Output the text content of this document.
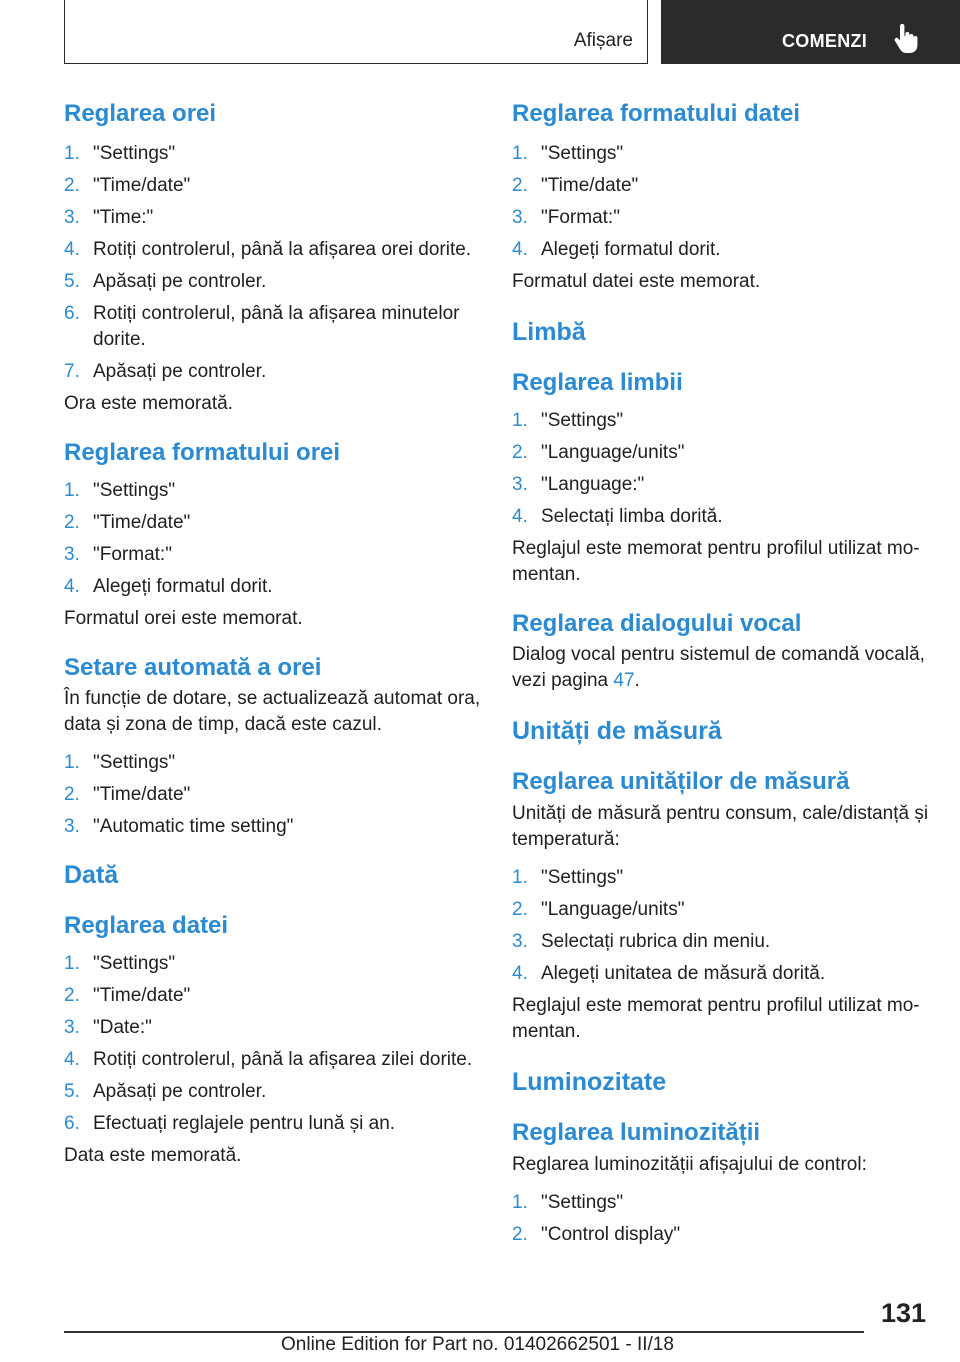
Afișare	COMENZI
Reglarea orei
1. "Settings"
2. "Time/date"
3. "Time:"
4. Rotiți controlerul, până la afișarea orei dorite.
5. Apăsați pe controler.
6. Rotiți controlerul, până la afișarea minutelor dorite.
7. Apăsați pe controler.

Ora este memorată.

Reglarea formatului orei
1. "Settings"
2. "Time/date"
3. "Format:"
4. Alegeți formatul dorit.

Formatul orei este memorat.

Setare automată a orei

În funcție de dotare, se actualizează automat ora, data și zona de timp, dacă este cazul.

1. "Settings"
2. "Time/date"
3. "Automatic time setting"
Dată
Reglarea datei
1. "Settings"
2. "Time/date"
3. "Date:"
4. Rotiți controlerul, până la afișarea zilei dorite.
5. Apăsați pe controler.
6. Efectuați reglajele pentru lună și an.

Data este memorată.

Reglarea formatului datei
1. "Settings"
2. "Time/date"
3. "Format:"
4. Alegeți formatul dorit.

Formatul datei este memorat.

Limbă
Reglarea limbii
1. "Settings"
2. "Language/units"
3. "Language:"
4. Selectați limba dorită.

Reglajul este memorat pentru profilul utilizat mo-mentan.

Reglarea dialogului vocal

Dialog vocal pentru sistemul de comandă vocală, vezi pagina 47.

Unități de măsură
Reglarea unităților de măsură

Unități de măsură pentru consum, cale/distanță și temperatură:

1. "Settings"
2. "Language/units"
3. Selectați rubrica din meniu.
4. Alegeți unitatea de măsură dorită.

Reglajul este memorat pentru profilul utilizat mo-mentan.

Luminozitate
Reglarea luminozității

Reglarea luminozității afișajului de control:

1. "Settings"
2. "Control display"
131
Online Edition for Part no. 01402662501 - II/18
